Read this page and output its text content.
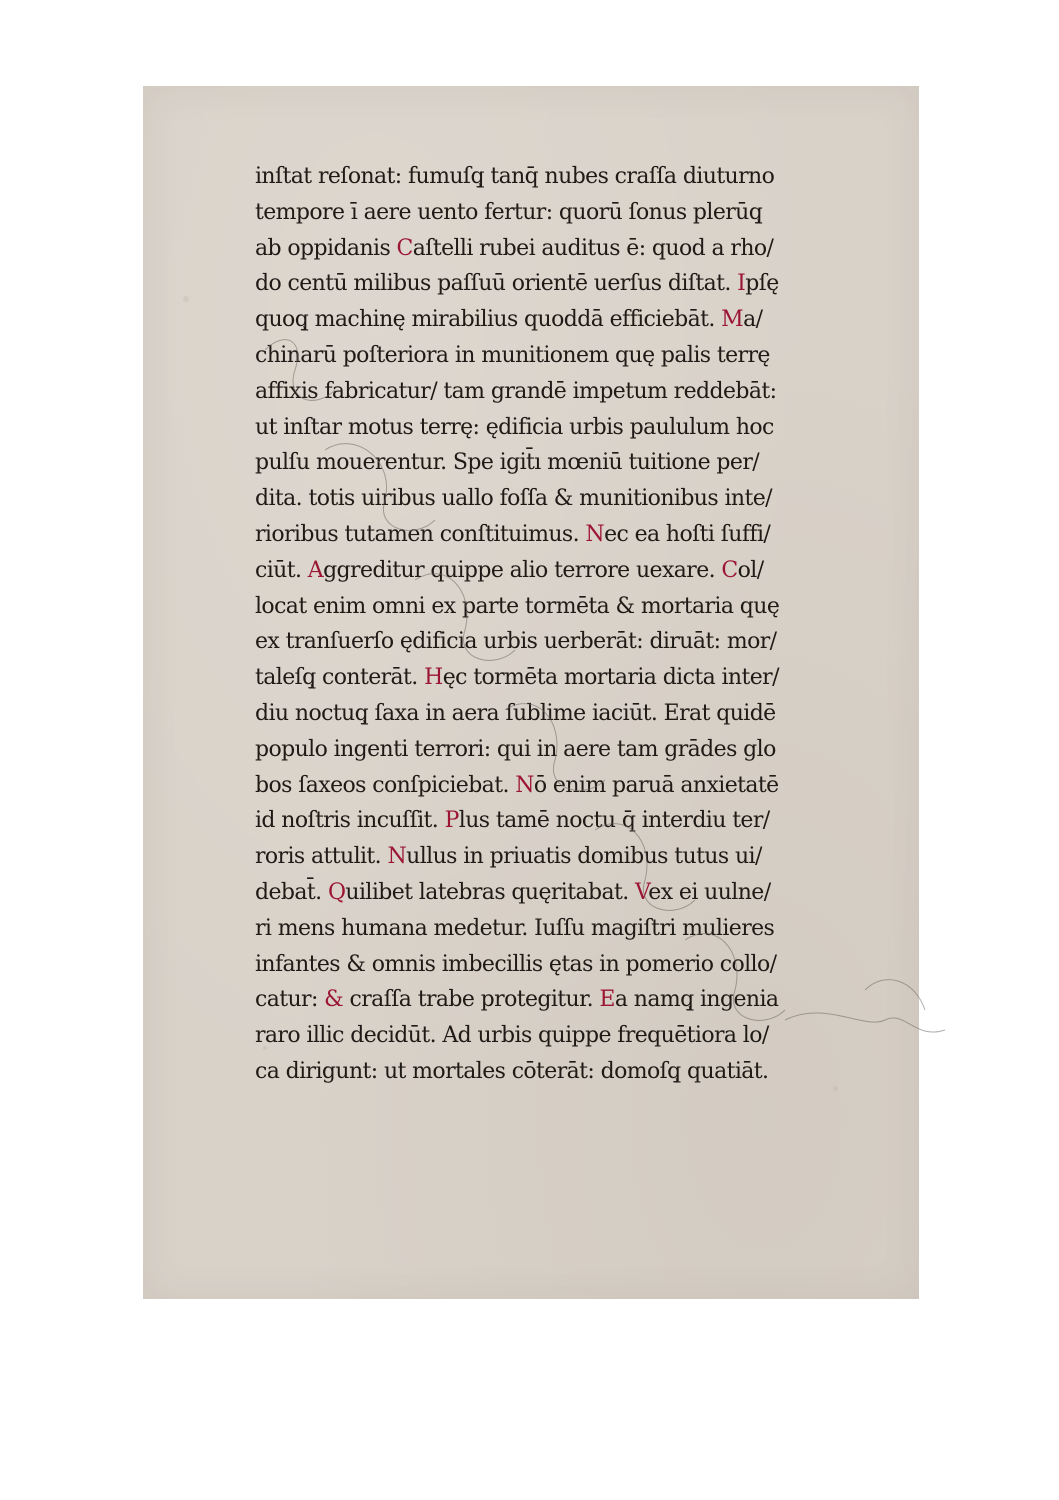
inſtat reſonat: fumuſq̧ tanq̄ nubes craſſa diuturno
tempore ī aere uento fertur: quorū ſonus plerūq̧
ab oppidanis Caſtelli rubei auditus ē: quod a rho/
do centū milibus paſſuū orientē uerſus diſtat. Ipſę
quoq̧ machinę mirabilius quoddā efficiebāt. Ma/
chinarū poſteriora in munitionem quę palis terrę
affixis fabricatur/ tam grandē impetum reddebāt:
ut inſtar motus terrę: ędificia urbis paululum hoc
pulſu mouerentur. Spe igit̄ı mœniū tuitione per/
dita. totis uiribus uallo foſſa & munitionibus inte/
rioribus tutamen conſtituimus. Nec ea hoſti ſuffi/
ciūt. Aggreditur quippe alio terrore uexare. Col/
locat enim omni ex parte tormēta & mortaria quę
ex tranſuerſo ędificia urbis uerberāt: diruāt: mor/
taleſq̧ conterāt. Hęc tormēta mortaria dicta inter/
diu noctuq̧ ſaxa in aera ſublime iaciūt. Erat quidē
populo ingenti terrori: qui in aere tam grādes glo
bos ſaxeos conſpiciebat. Nō enim paruā anxietatē
id noſtris incuſſit. Plus tamē noctu q̄ interdiu ter/
roris attulit. Nullus in priuatis domibus tutus ui/
debat̄. Quilibet latebras quęritabat. Vex ei uulne/
ri mens humana medetur. Iuſſu magiſtri mulieres
infantes & omnis imbecillis ętas in pomerio collo/
catur: & craſſa trabe protegitur. Ea namq̧ ingenia
raro illic decidūt. Ad urbis quippe frequētiora lo/
ca dirigunt: ut mortales cōterāt: domoſq̧ quatiāt.
